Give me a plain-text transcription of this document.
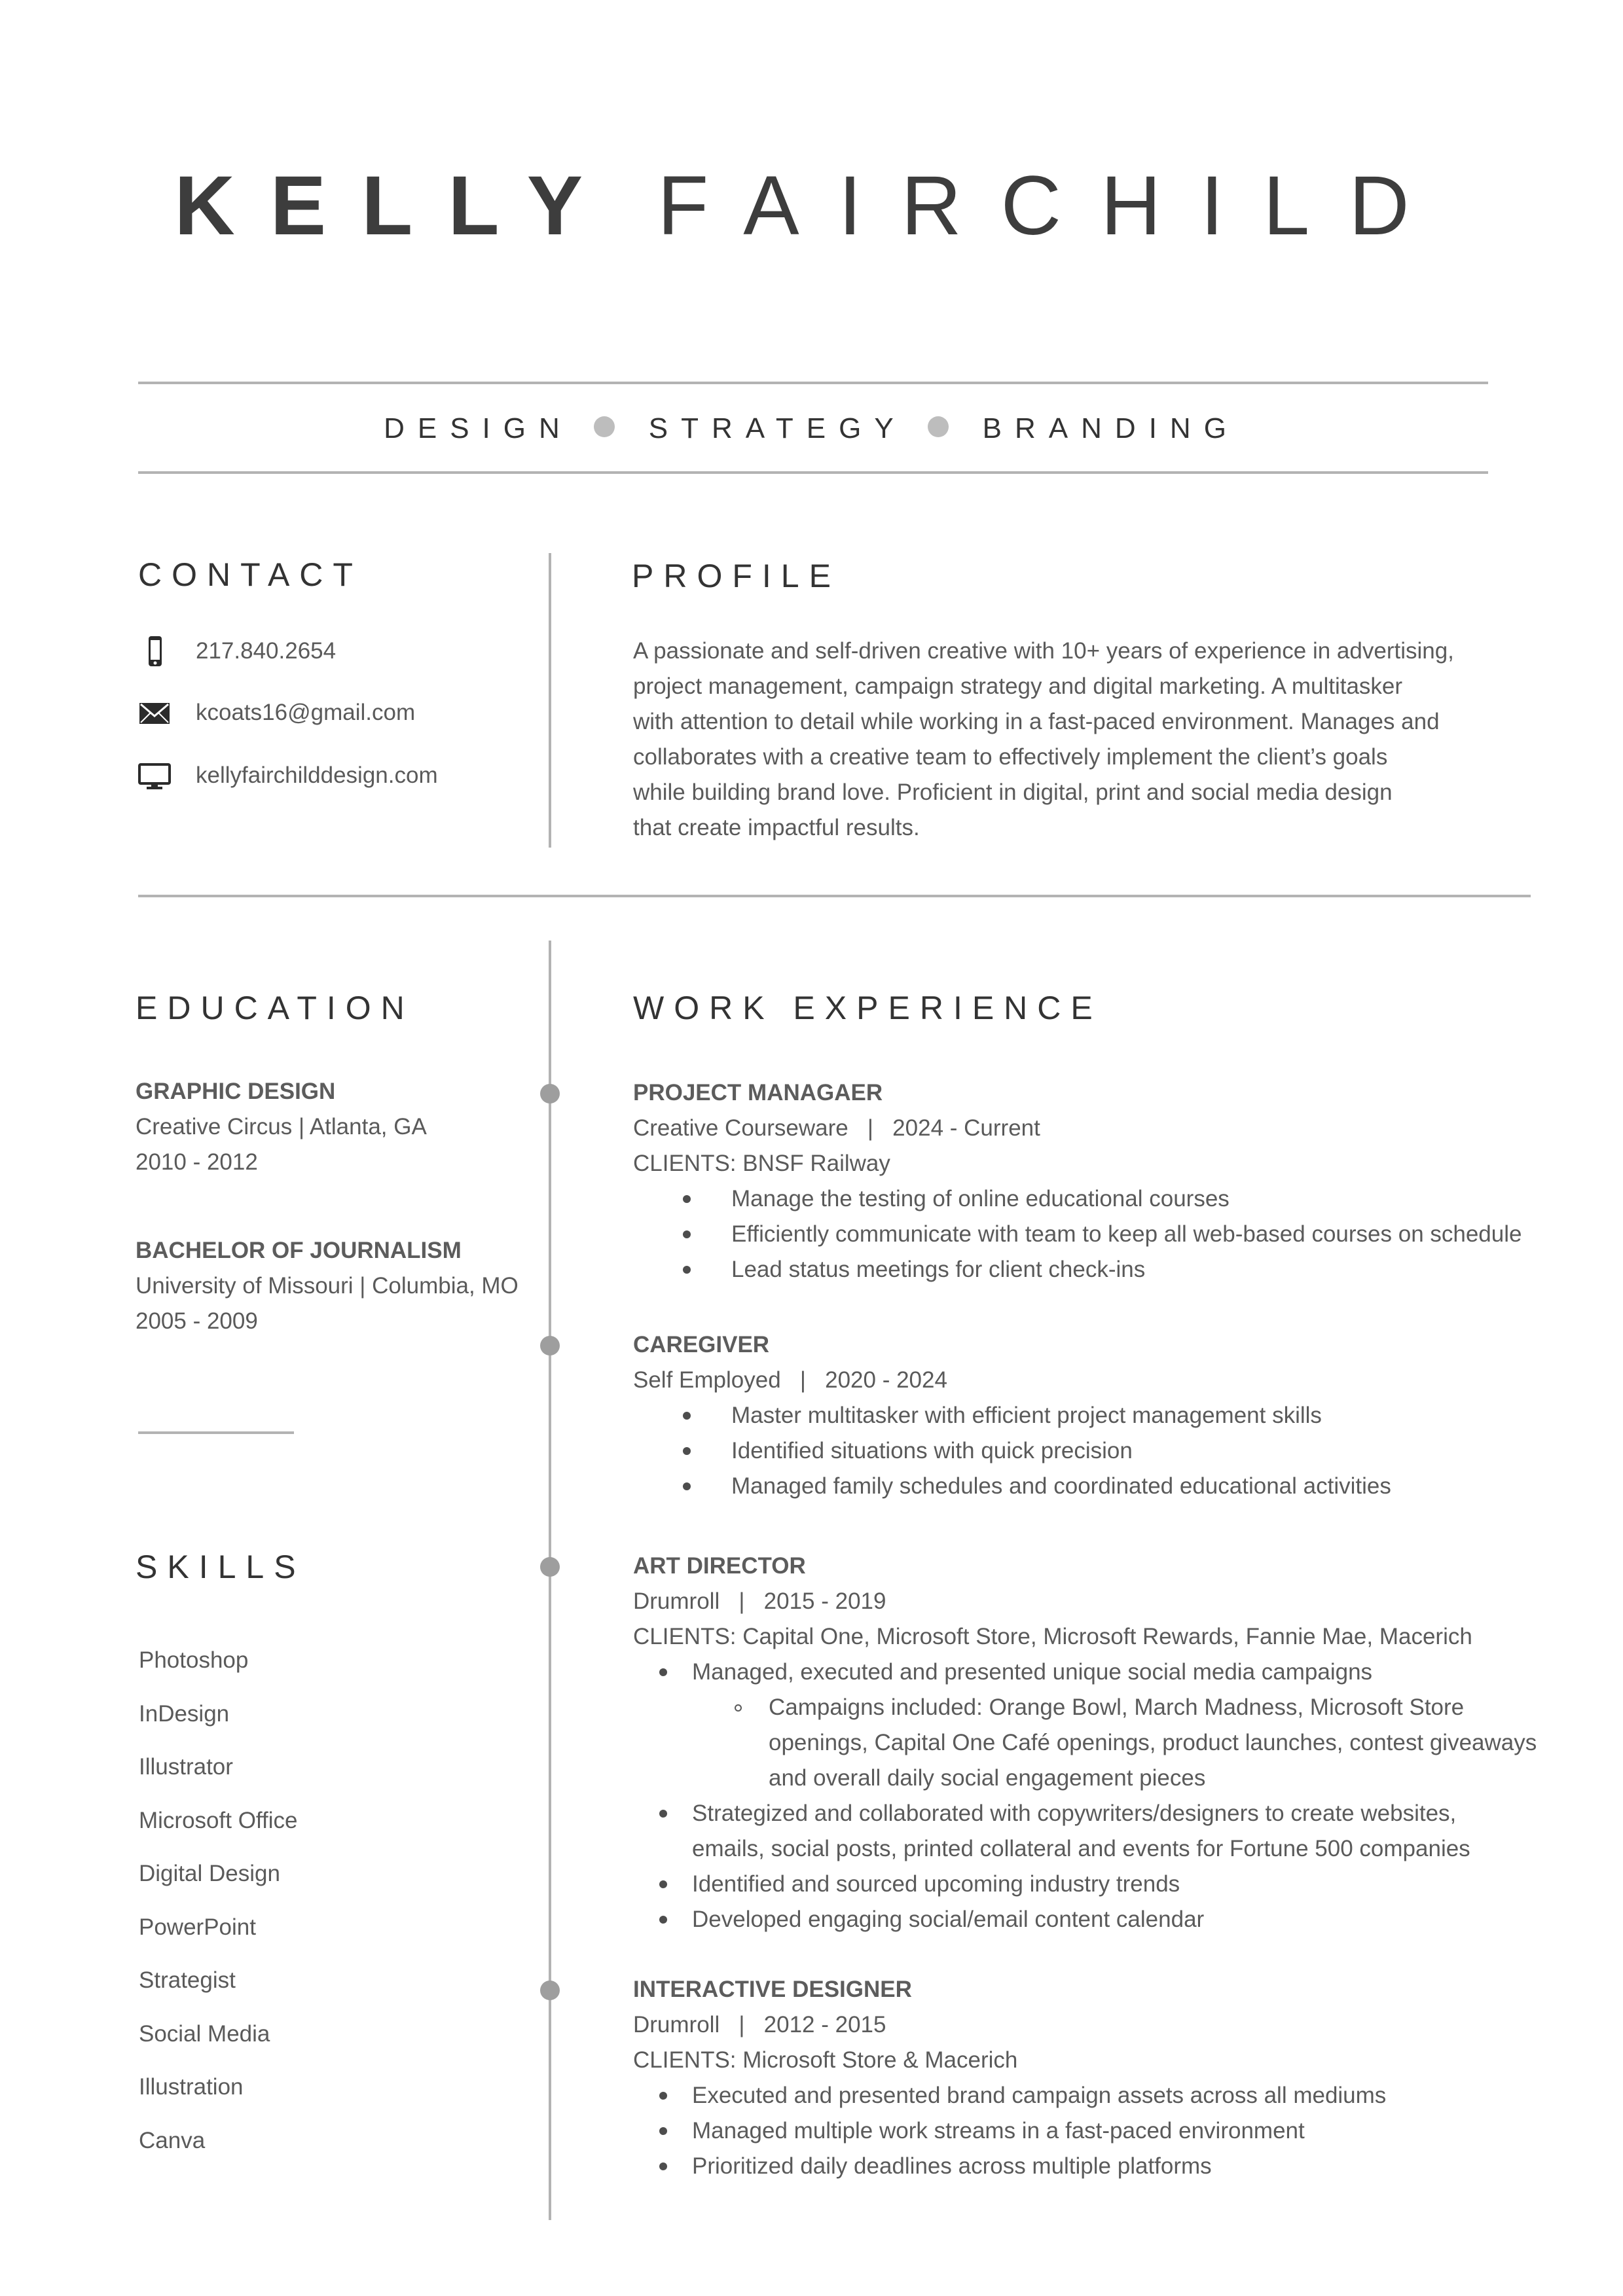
KELLY FAIRCHILD
DESIGN	STRATEGY	BRANDING
CONTACT
217.840.2654
kcoats16@gmail.com
kellyfairchilddesign.com
PROFILE
A passionate and self-driven creative with 10+ years of experience in advertising,
project management, campaign strategy and digital marketing. A multitasker
with attention to detail while working in a fast-paced environment. Manages and
collaborates with a creative team to effectively implement the client’s goals
while building brand love. Proficient in digital, print and social media design
that create impactful results.
EDUCATION
GRAPHIC DESIGN
Creative Circus | Atlanta, GA
2010 - 2012
BACHELOR OF JOURNALISM
University of Missouri | Columbia, MO
2005 - 2009
SKILLS
Photoshop
InDesign
Illustrator
Microsoft Office
Digital Design
PowerPoint
Strategist
Social Media
Illustration
Canva
WORK EXPERIENCE
PROJECT MANAGAER
Creative Courseware   |   2024 - Current
CLIENTS: BNSF Railway
Manage the testing of online educational courses
Efficiently communicate with team to keep all web-based courses on schedule
Lead status meetings for client check-ins
CAREGIVER
Self Employed   |   2020 - 2024
Master multitasker with efficient project management skills
Identified situations with quick precision
Managed family schedules and coordinated educational activities
ART DIRECTOR
Drumroll   |   2015 - 2019
CLIENTS: Capital One, Microsoft Store, Microsoft Rewards, Fannie Mae, Macerich
Managed, executed and presented unique social media campaigns
Campaigns included: Orange Bowl, March Madness, Microsoft Store
openings, Capital One Café openings, product launches, contest giveaways
and overall daily social engagement pieces
Strategized and collaborated with copywriters/designers to create websites,
emails, social posts, printed collateral and events for Fortune 500 companies
Identified and sourced upcoming industry trends
Developed engaging social/email content calendar
INTERACTIVE DESIGNER
Drumroll   |   2012 - 2015
CLIENTS: Microsoft Store & Macerich
Executed and presented brand campaign assets across all mediums
Managed multiple work streams in a fast-paced environment
Prioritized daily deadlines across multiple platforms
